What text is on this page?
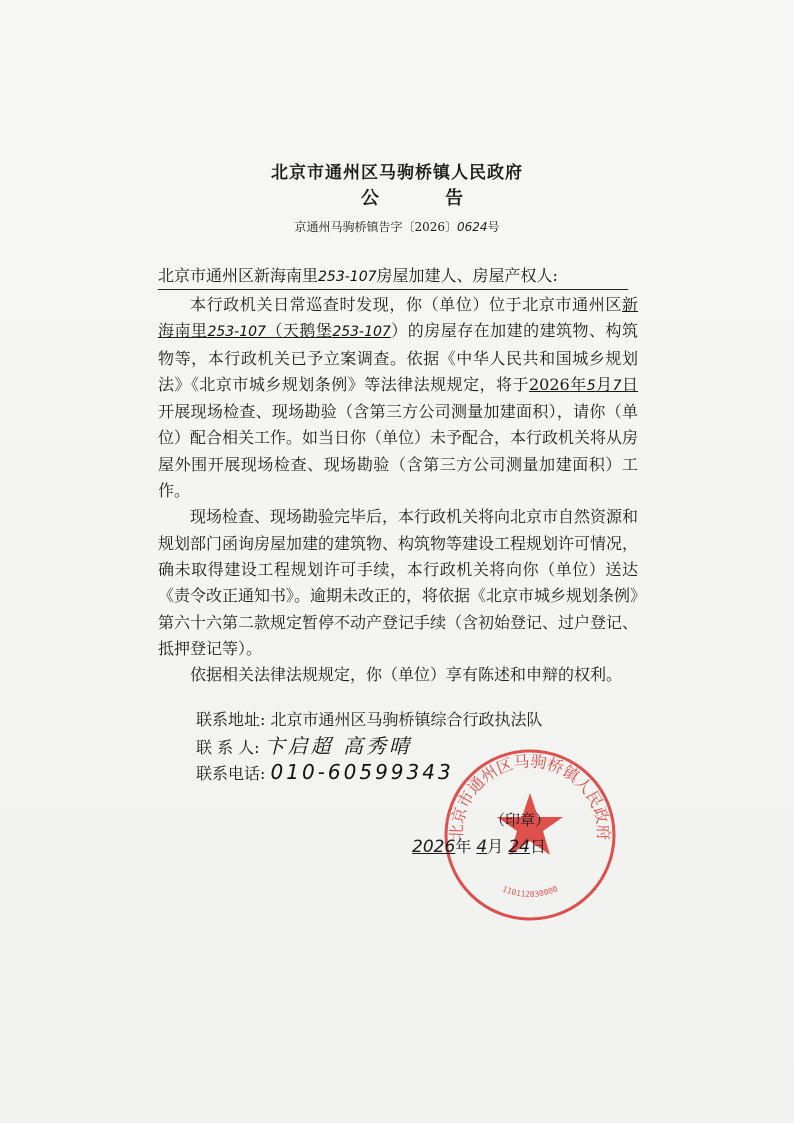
北京市通州区马驹桥镇人民政府
公 告
京通州马驹桥镇告字〔2026〕0624号
北京市通州区新海南里253-107房屋加建人、房屋产权人:

本行政机关日常巡查时发现，你（单位）位于北京市通州区新海南里253-107（天鹅堡253-107）的房屋存在加建的建筑物、构筑物等，本行政机关已予立案调查。依据《中华人民共和国城乡规划法》《北京市城乡规划条例》等法律法规规定，将于2026年5月7日开展现场检查、现场勘验（含第三方公司测量加建面积），请你（单位）配合相关工作。如当日你（单位）未予配合，本行政机关将从房屋外围开展现场检查、现场勘验（含第三方公司测量加建面积）工作。

现场检查、现场勘验完毕后，本行政机关将向北京市自然资源和规划部门函询房屋加建的建筑物、构筑物等建设工程规划许可情况，确未取得建设工程规划许可手续，本行政机关将向你（单位）送达《责令改正通知书》。逾期未改正的，将依据《北京市城乡规划条例》第六十六第二款规定暂停不动产登记手续（含初始登记、过户登记、抵押登记等）。

依据相关法律法规规定，你（单位）享有陈述和申辩的权利。

联系地址: 北京市通州区马驹桥镇综合行政执法队
联 系 人: 卞启超 高秀晴
联系电话: 010-60599343
北京市通州区马驹桥镇人民政府
110112030000
（印章）
2026年 4月 24日
